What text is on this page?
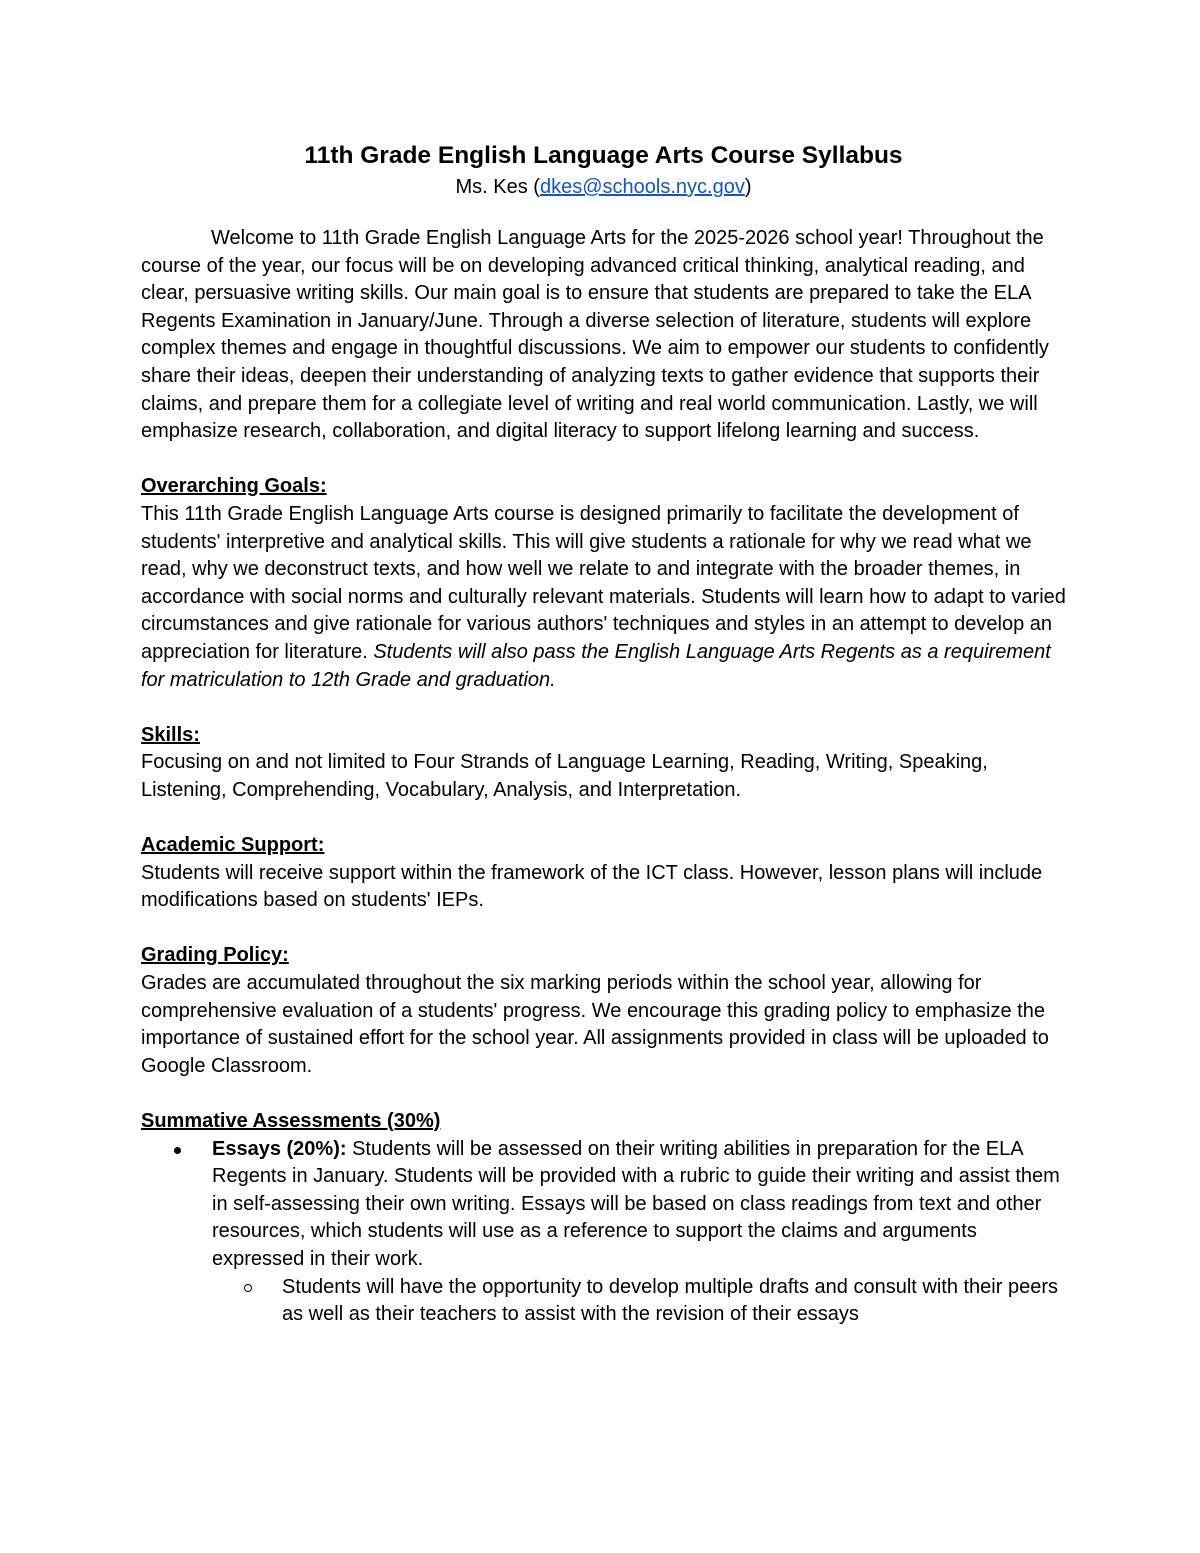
11th Grade English Language Arts Course Syllabus

Ms. Kes (dkes@schools.nyc.gov)

Welcome to 11th Grade English Language Arts for the 2025-2026 school year! Throughout the course of the year, our focus will be on developing advanced critical thinking, analytical reading, and clear, persuasive writing skills. Our main goal is to ensure that students are prepared to take the ELA Regents Examination in January/June. Through a diverse selection of literature, students will explore complex themes and engage in thoughtful discussions. We aim to empower our students to confidently share their ideas, deepen their understanding of analyzing texts to gather evidence that supports their claims, and prepare them for a collegiate level of writing and real world communication. Lastly, we will emphasize research, collaboration, and digital literacy to support lifelong learning and success.

Overarching Goals:

This 11th Grade English Language Arts course is designed primarily to facilitate the development of students' interpretive and analytical skills. This will give students a rationale for why we read what we read, why we deconstruct texts, and how well we relate to and integrate with the broader themes, in accordance with social norms and culturally relevant materials. Students will learn how to adapt to varied circumstances and give rationale for various authors' techniques and styles in an attempt to develop an appreciation for literature. Students will also pass the English Language Arts Regents as a requirement for matriculation to 12th Grade and graduation.

Skills:

Focusing on and not limited to Four Strands of Language Learning, Reading, Writing, Speaking, Listening, Comprehending, Vocabulary, Analysis, and Interpretation.

Academic Support:

Students will receive support within the framework of the ICT class. However, lesson plans will include modifications based on students' IEPs.

Grading Policy:

Grades are accumulated throughout the six marking periods within the school year, allowing for comprehensive evaluation of a students' progress. We encourage this grading policy to emphasize the importance of sustained effort for the school year. All assignments provided in class will be uploaded to Google Classroom.

Summative Assessments (30%)

Essays (20%): Students will be assessed on their writing abilities in preparation for the ELA Regents in January. Students will be provided with a rubric to guide their writing and assist them in self-assessing their own writing. Essays will be based on class readings from text and other resources, which students will use as a reference to support the claims and arguments expressed in their work.
Students will have the opportunity to develop multiple drafts and consult with their peers as well as their teachers to assist with the revision of their essays
